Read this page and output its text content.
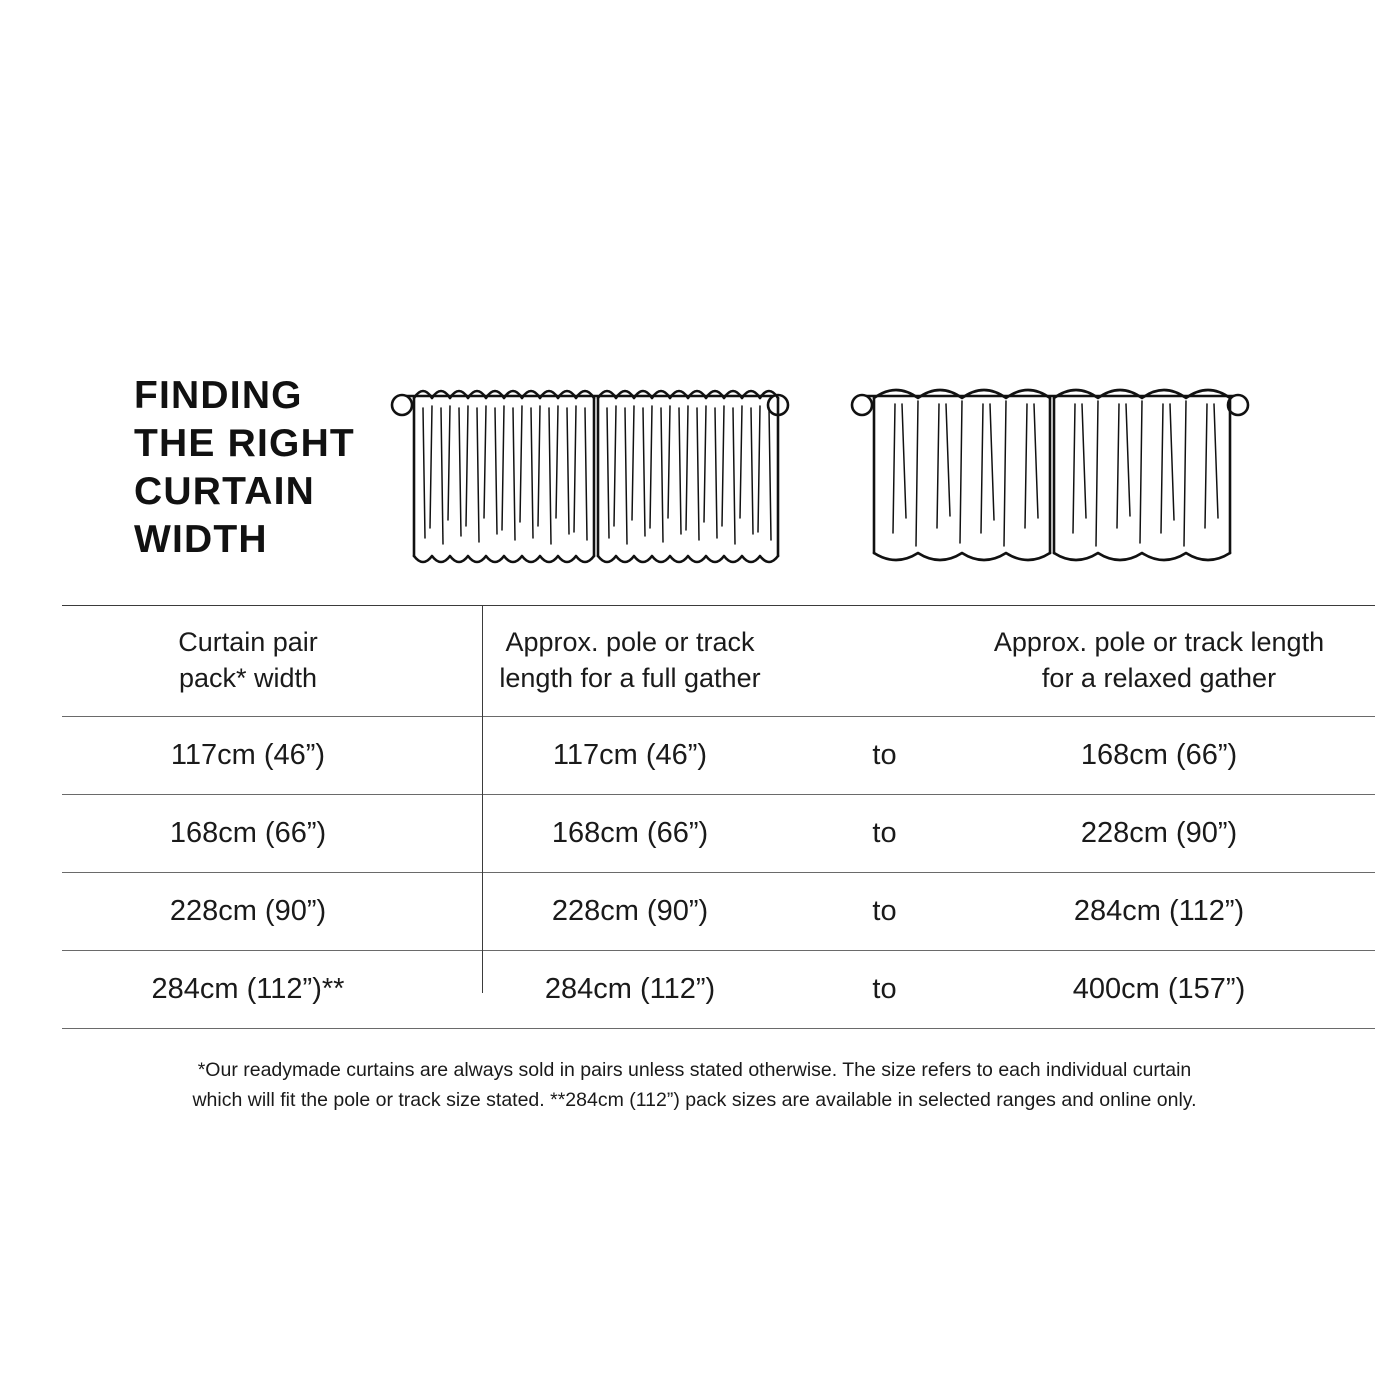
FINDING
THE RIGHT
CURTAIN
WIDTH
Curtain pair
pack* width

Approx. pole or track
length for a full gather

Approx. pole or track length
for a relaxed gather

117cm (46”)	117cm (46”)	to	168cm (66”)
168cm (66”)	168cm (66”)	to	228cm (90”)
228cm (90”)	228cm (90”)	to	284cm (112”)
284cm (112”)**	284cm (112”)	to	400cm (157”)
*Our readymade curtains are always sold in pairs unless stated otherwise. The size refers to each individual curtain
which will fit the pole or track size stated. **284cm (112”) pack sizes are available in selected ranges and online only.
